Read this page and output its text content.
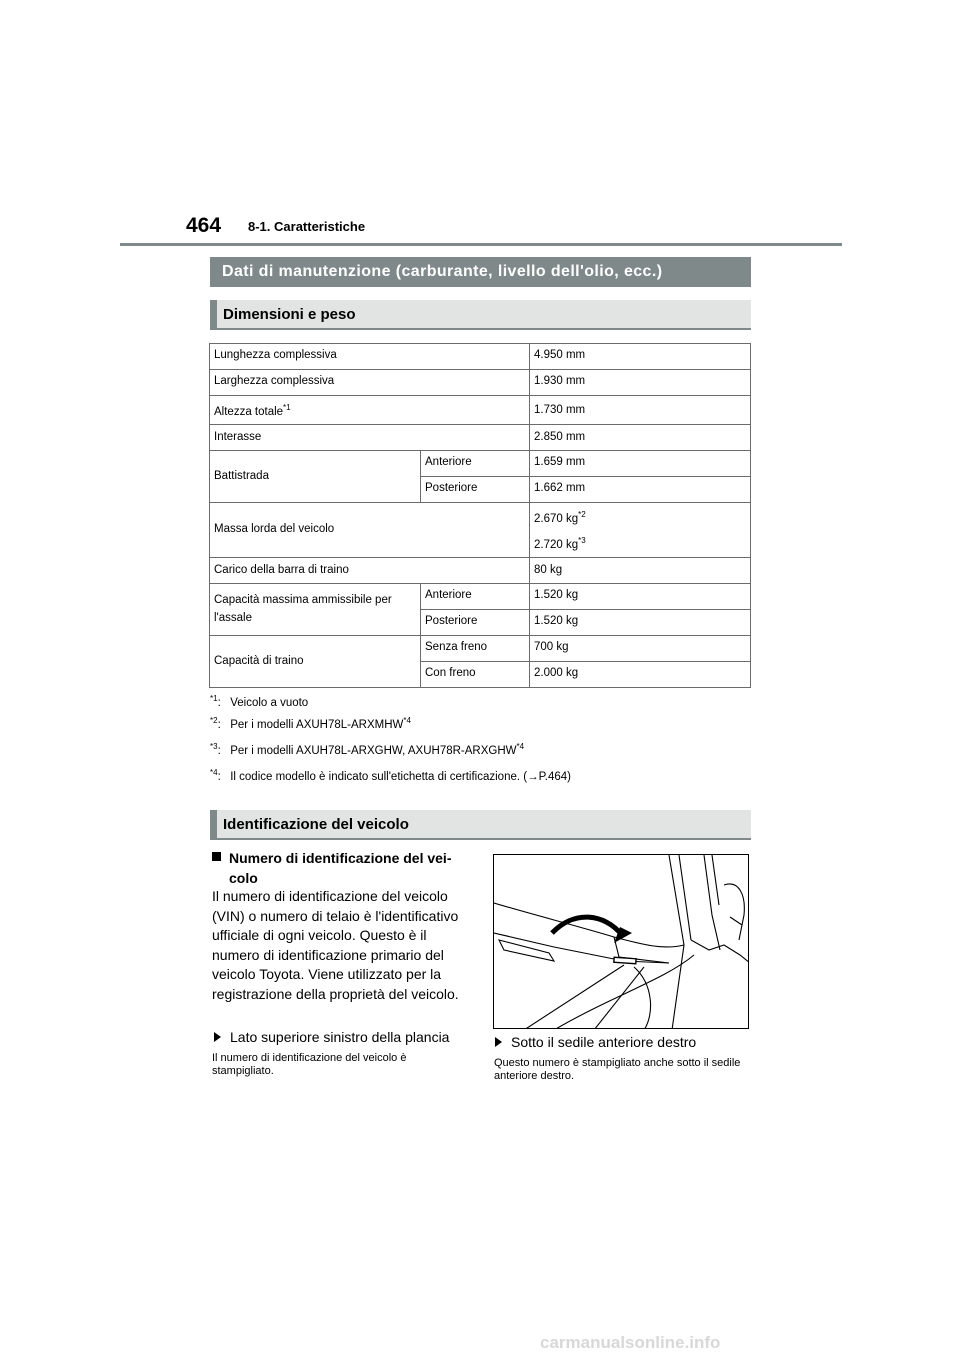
464 8-1. Caratteristiche
Dati di manutenzione (carburante, livello dell'olio, ecc.)
Dimensioni e peso
Lunghezza complessiva		4.950 mm
Larghezza complessiva		1.930 mm
Altezza totale$^{*1}$		1.730 mm
Interasse		2.850 mm
Battistrada	Anteriore	1.659 mm
	Posteriore	1.662 mm
Massa lorda del veicolo		2.670 $kg^{*2}$
2.720 $kg^{*3}$

Carico della barra di traino		80 kg

Capacità massima ammissibile per
l'assale	Anteriore	1.520 kg
	Posteriore	1.520 kg
Capacità di traino	Senza freno	700 kg
	Con freno	2.000 kg
$^{*1}$: Veicolo a vuoto
$^{*2}$: Per i modelli AXUH78L-ARXMHW$^{*4}$
$^{*3}$: Per i modelli AXUH78L-ARXGHW, AXUH78R-ARXGHW$^{*4}$
$^{*4}$: Il codice modello è indicato sull'etichetta di certificazione. (→P.464)
Identificazione del veicolo
Numero di identificazione del vei-
colo
Il numero di identificazione del veicolo (VIN) o numero di telaio è l'identificativo ufficiale di ogni veicolo. Questo è il numero di identificazione primario del veicolo Toyota. Viene utilizzato per la registrazione della proprietà del veicolo.
Lato superiore sinistro della plancia
Il numero di identificazione del veicolo è stampigliato.
Sotto il sedile anteriore destro
Questo numero è stampigliato anche sotto il sedile anteriore destro.
carmanualsonline.info
